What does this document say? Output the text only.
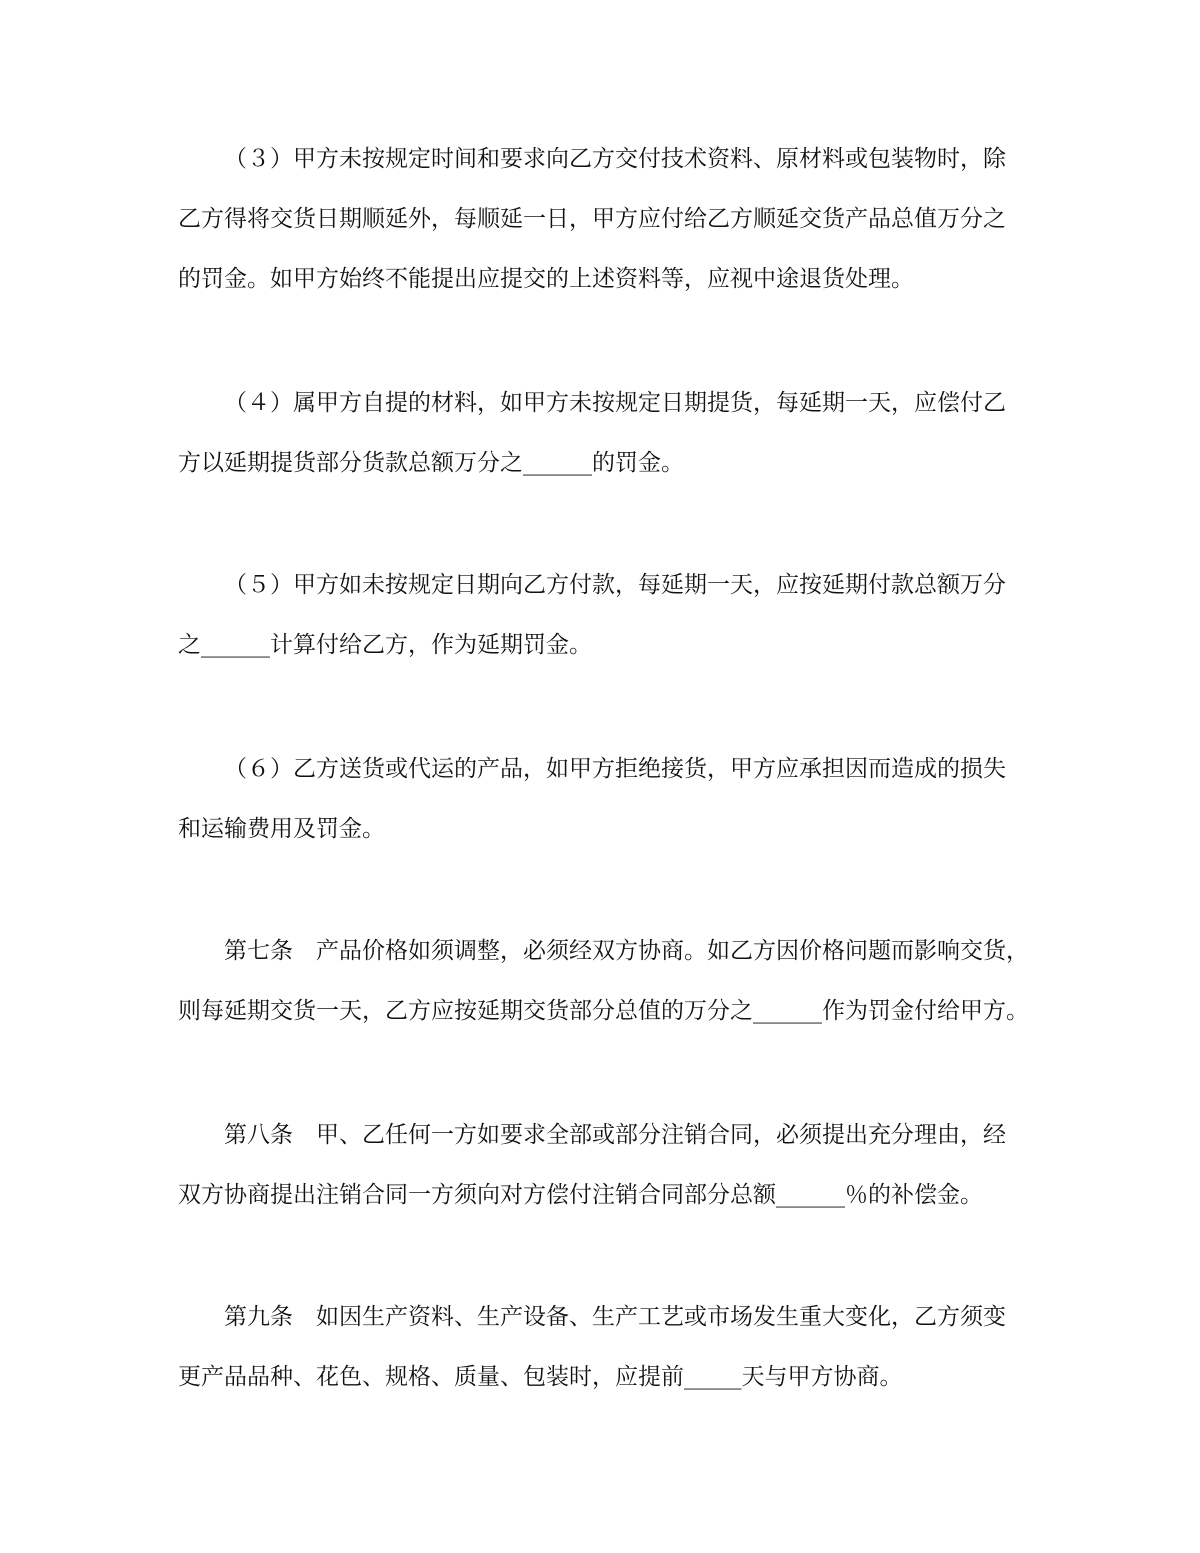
（３）甲方未按规定时间和要求向乙方交付技术资料、原材料或包装物时，除
乙方得将交货日期顺延外，每顺延一日，甲方应付给乙方顺延交货产品总值万分之
的罚金。如甲方始终不能提出应提交的上述资料等，应视中途退货处理。
（４）属甲方自提的材料，如甲方未按规定日期提货，每延期一天，应偿付乙
方以延期提货部分货款总额万分之______的罚金。
（５）甲方如未按规定日期向乙方付款，每延期一天，应按延期付款总额万分
之______计算付给乙方，作为延期罚金。
（６）乙方送货或代运的产品，如甲方拒绝接货，甲方应承担因而造成的损失
和运输费用及罚金。
第七条　产品价格如须调整，必须经双方协商。如乙方因价格问题而影响交货，
则每延期交货一天，乙方应按延期交货部分总值的万分之______作为罚金付给甲方。
第八条　甲、乙任何一方如要求全部或部分注销合同，必须提出充分理由，经
双方协商提出注销合同一方须向对方偿付注销合同部分总额______％的补偿金。
第九条　如因生产资料、生产设备、生产工艺或市场发生重大变化，乙方须变
更产品品种、花色、规格、质量、包装时，应提前_____天与甲方协商。
